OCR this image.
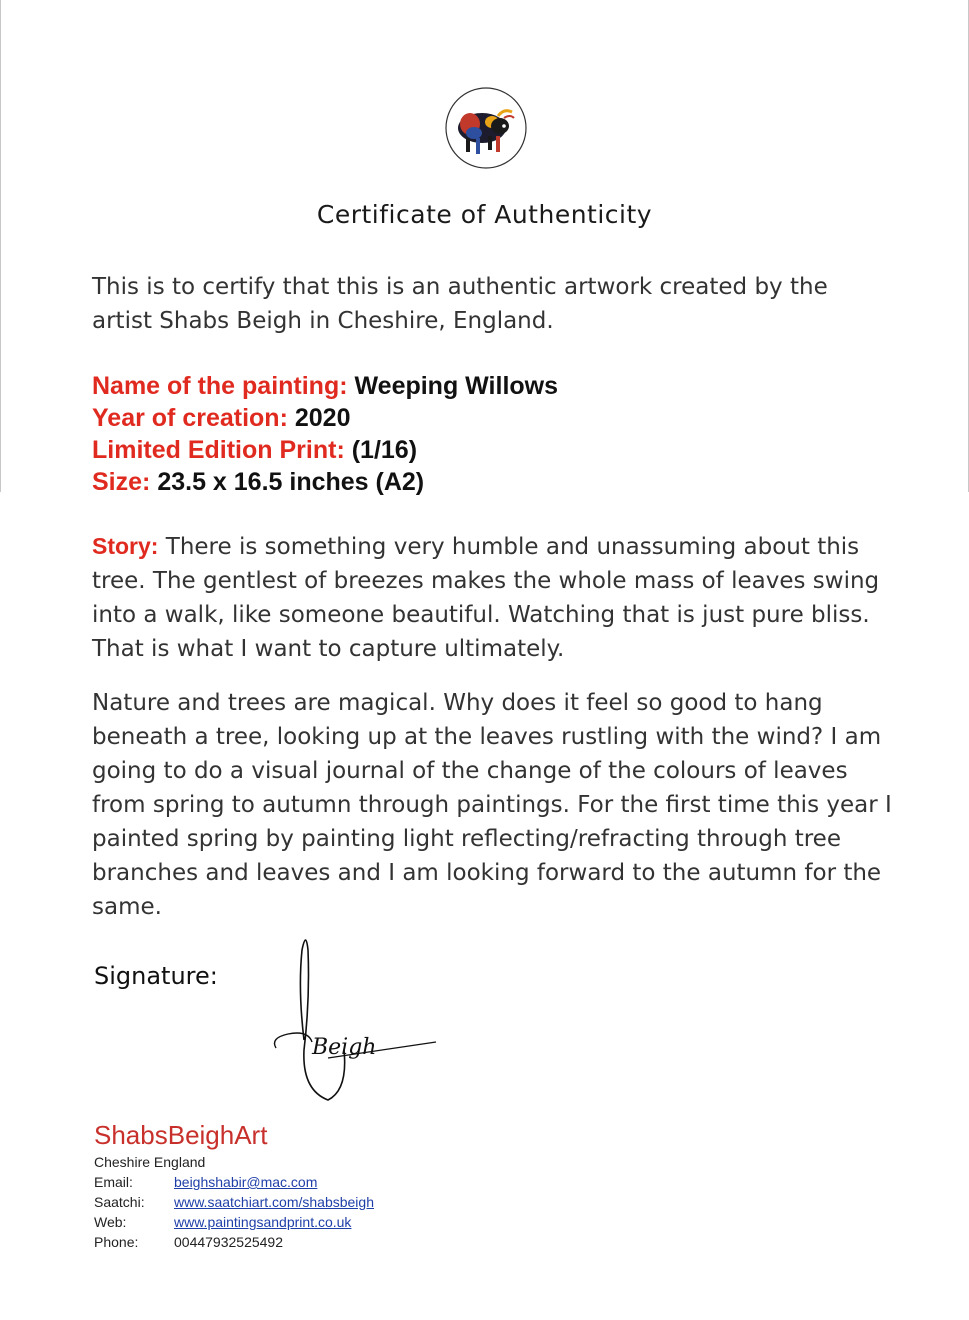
Certificate of Authenticity
This is to certify that this is an authentic artwork created by the artist Shabs Beigh in Cheshire, England.
Name of the painting: Weeping Willows
Year of creation: 2020
Limited Edition Print: (1/16)
Size: 23.5 x 16.5 inches (A2)
Story: There is something very humble and unassuming about this tree. The gentlest of breezes makes the whole mass of leaves swing into a walk, like someone beautiful. Watching that is just pure bliss. That is what I want to capture ultimately.
Nature and trees are magical. Why does it feel so good to hang beneath a tree, looking up at the leaves rustling with the wind? I am going to do a visual journal of the change of the colours of leaves from spring to autumn through paintings. For the first time this year I painted spring by painting light reflecting/refracting through tree branches and leaves and I am looking forward to the autumn for the same.
Signature:
Beigh
ShabsBeighArt
Cheshire England
Email:	beighshabir@mac.com
Saatchi:	www.saatchiart.com/shabsbeigh
Web:	www.paintingsandprint.co.uk
Phone:	00447932525492
